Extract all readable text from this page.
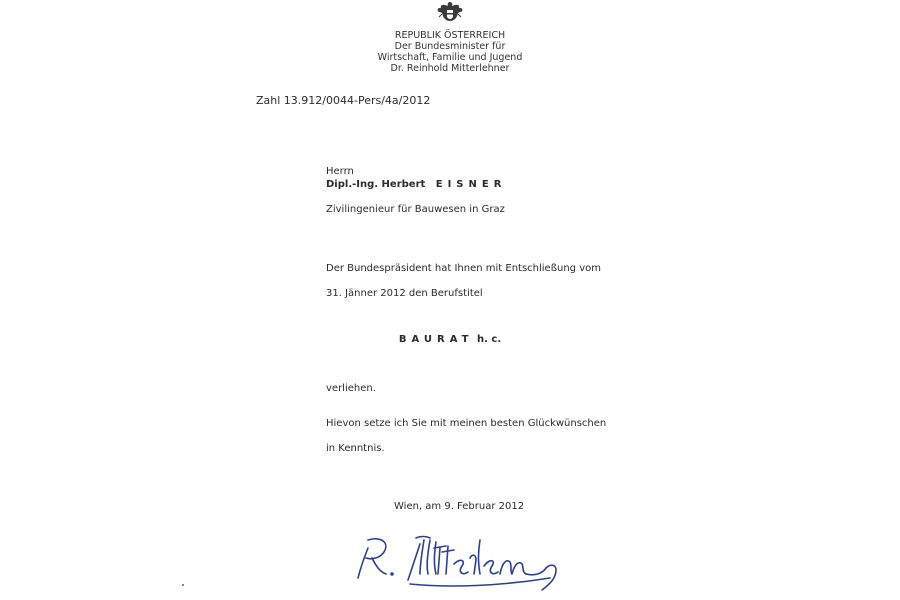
REPUBLIK ÖSTERREICH
Der Bundesminister für
Wirtschaft, Familie und Jugend
Dr. Reinhold Mitterlehner
Zahl 13.912/0044-Pers/4a/2012
Herrn
Dipl.-Ing. Herbert EISNER
Zivilingenieur für Bauwesen in Graz
Der Bundespräsident hat Ihnen mit Entschließung vom
31. Jänner 2012 den Berufstitel
BAURAT h. c.
verliehen.
Hievon setze ich Sie mit meinen besten Glückwünschen
in Kenntnis.
Wien, am 9. Februar 2012
